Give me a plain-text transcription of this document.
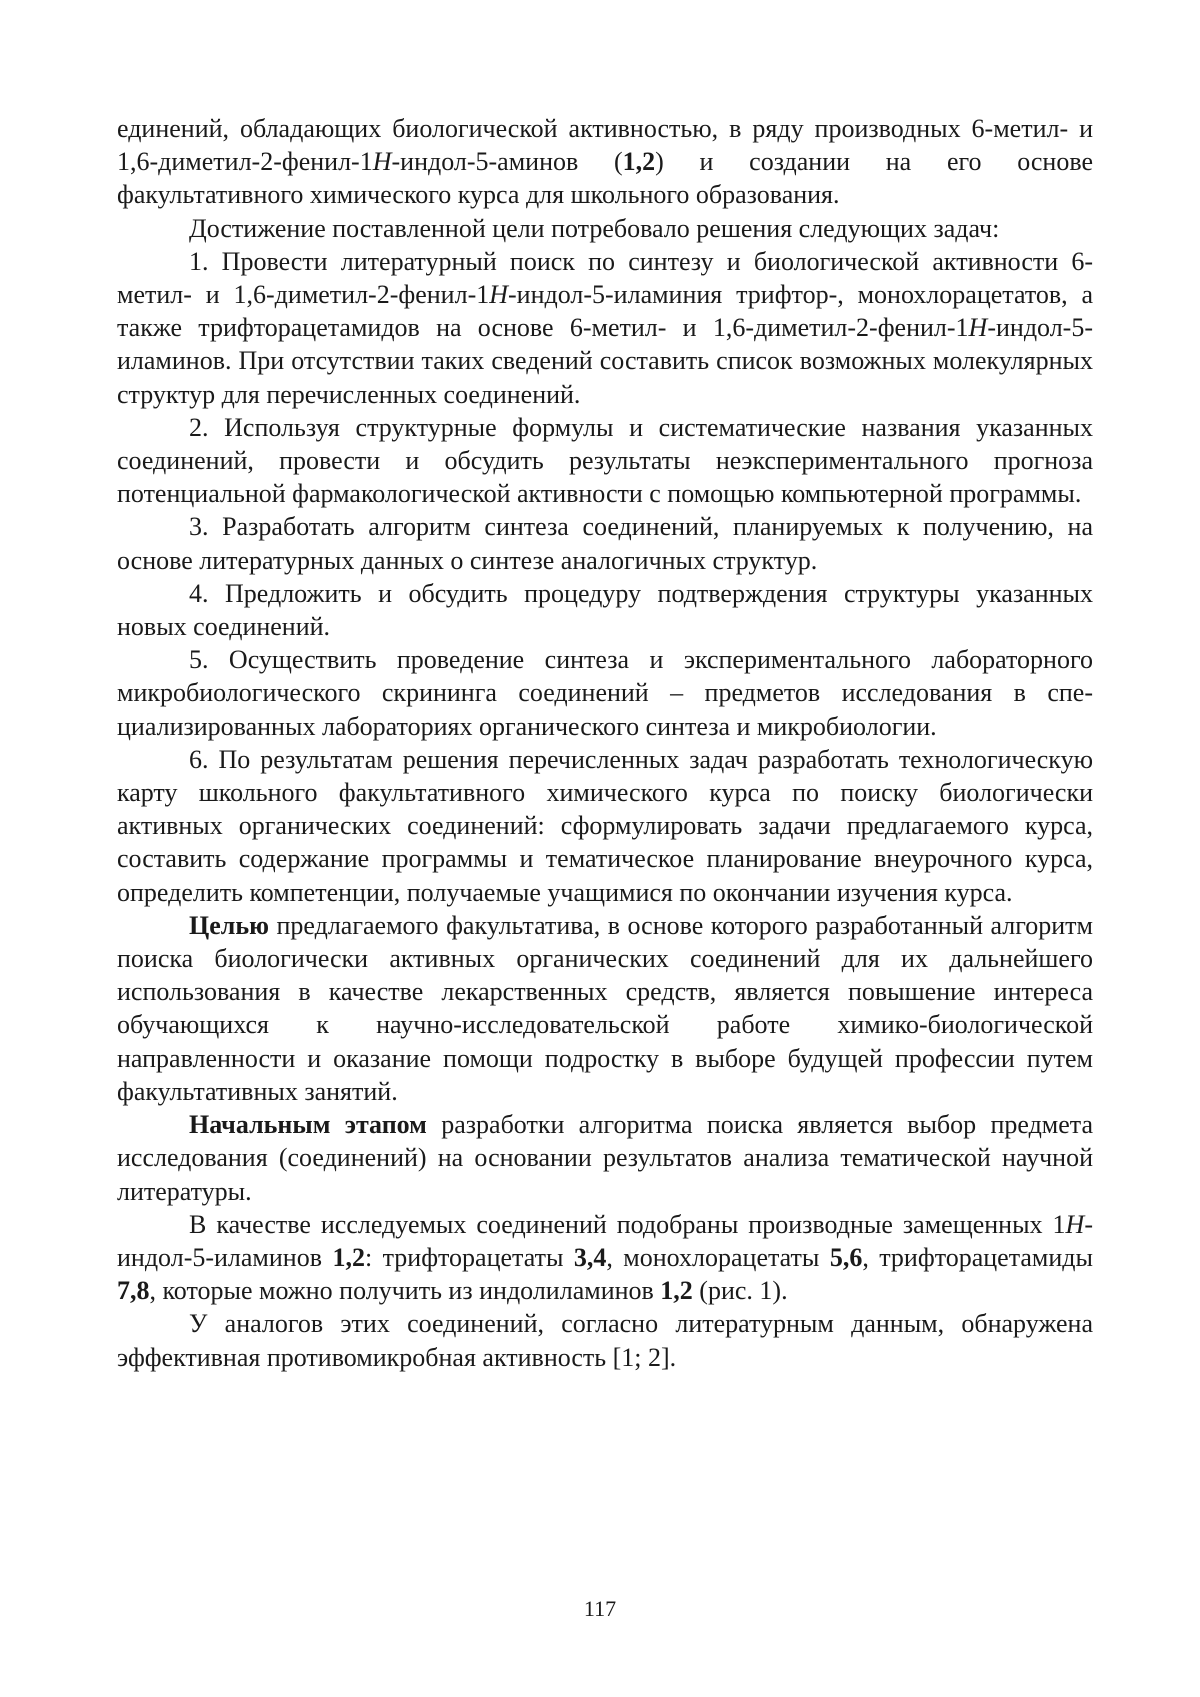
единений, обладающих биологической активностью, в ряду производных 6-метил- и 1,6-диметил-2-фенил-1H-индол-5-аминов (1,2) и создании на его основе факультативного химического курса для школьного образования.

Достижение поставленной цели потребовало решения следующих задач:

1. Провести литературный поиск по синтезу и биологической активности 6-метил- и 1,6-диметил-2-фенил-1H-индол-5-иламиния трифтор-, монохлорацетатов, а также трифторацетамидов на основе 6-метил- и 1,6-диметил-2-фенил-1H-индол-5-иламинов. При отсутствии таких сведений составить список возможных молекулярных структур для перечисленных соединений.

2. Используя структурные формулы и систематические названия указанных соединений, провести и обсудить результаты неэкспериментального прогноза потенциальной фармакологической активности с помощью компьютерной программы.

3. Разработать алгоритм синтеза соединений, планируемых к получению, на основе литературных данных о синтезе аналогичных структур.

4. Предложить и обсудить процедуру подтверждения структуры указанных новых соединений.

5. Осуществить проведение синтеза и экспериментального лабораторного микробиологического скрининга соединений – предметов исследования в специализированных лабораториях органического синтеза и микробиологии.

6. По результатам решения перечисленных задач разработать технологическую карту школьного факультативного химического курса по поиску биологически активных органических соединений: сформулировать задачи предлагаемого курса, составить содержание программы и тематическое планирование внеурочного курса, определить компетенции, получаемые учащимися по окончании изучения курса.

Целью предлагаемого факультатива, в основе которого разработанный алгоритм поиска биологически активных органических соединений для их дальнейшего использования в качестве лекарственных средств, является повышение интереса обучающихся к научно-исследовательской работе химико-биологической направленности и оказание помощи подростку в выборе будущей профессии путем факультативных занятий.

Начальным этапом разработки алгоритма поиска является выбор предмета исследования (соединений) на основании результатов анализа тематической научной литературы.

В качестве исследуемых соединений подобраны производные замещенных 1H-индол-5-иламинов 1,2: трифторацетаты 3,4, монохлорацетаты 5,6, трифторацетамиды 7,8, которые можно получить из индолиламинов 1,2 (рис. 1).

У аналогов этих соединений, согласно литературным данным, обнаружена эффективная противомикробная активность [1; 2].

117
